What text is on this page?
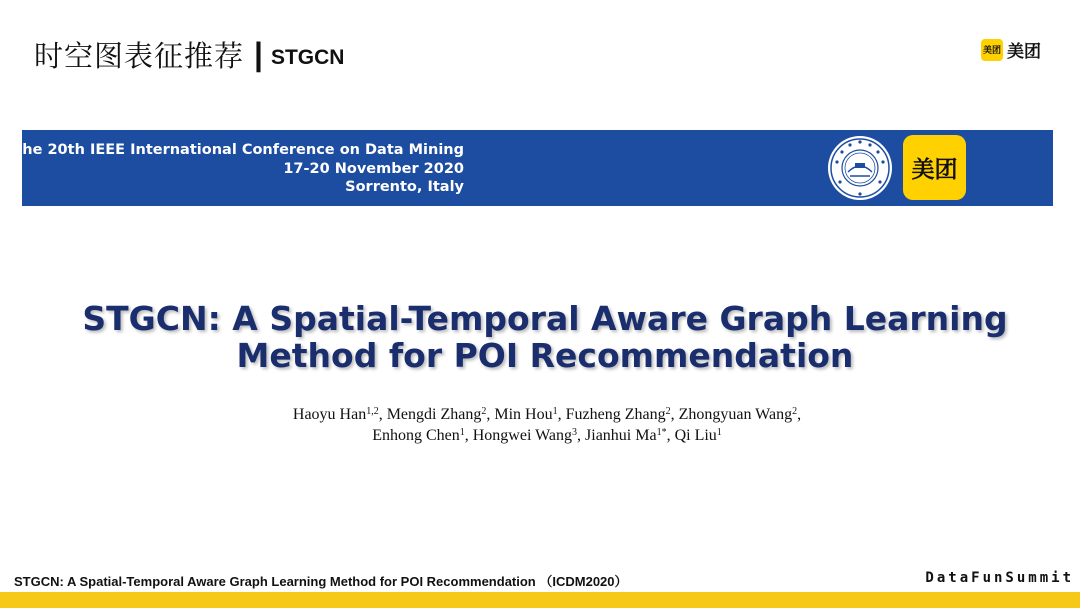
时空图表征推荐 | STGCN	美团 美团
the 20th IEEE International Conference on Data Mining
17-20 November 2020
Sorrento, Italy
美团
STGCN: A Spatial-Temporal Aware Graph Learning
Method for POI Recommendation
Haoyu Han$^{1,2}$, Mengdi Zhang$^2$, Min Hou$^1$, Fuzheng Zhang$^2$, Zhongyuan Wang$^2$,
Enhong Chen$^1$, Hongwei Wang$^3$, Jianhui $Ma^{1*}$, Qi Liu$^1$
STGCN: A Spatial-Temporal Aware Graph Learning Method for POI Recommendation （ICDM2020）	DataFunSummit
